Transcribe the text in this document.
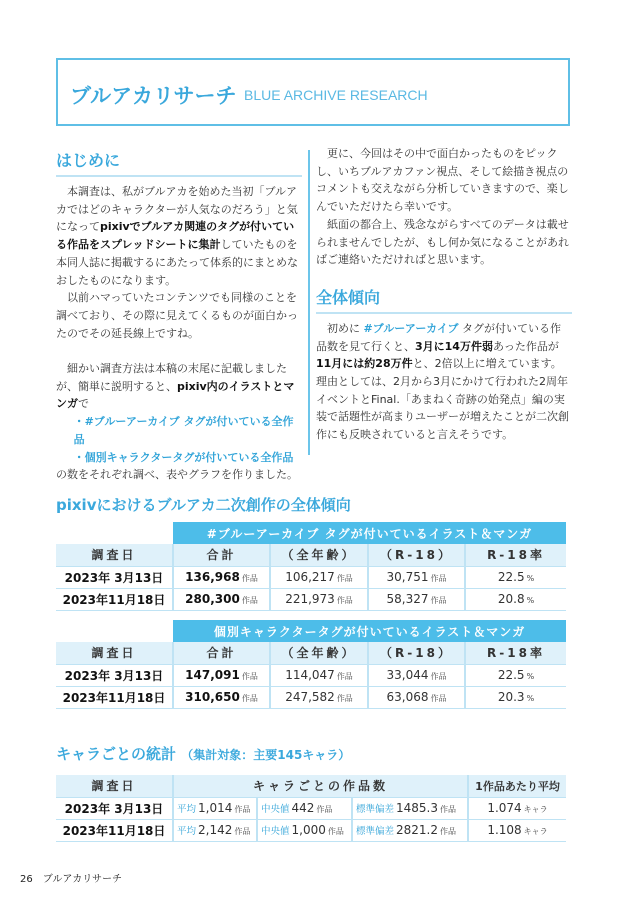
ブルアカリサーチ BLUE ARCHIVE RESEARCH
はじめに

本調査は、私がブルアカを始めた当初「ブルアカではどのキャラクターが人気なのだろう」と気になってpixivでブルアカ関連のタグが付いている作品をスプレッドシートに集計していたものを本同人誌に掲載するにあたって体系的にまとめなおしたものになります。

以前ハマっていたコンテンツでも同様のことを調べており、その際に見えてくるものが面白かったのでその延長線上ですね。

細かい調査方法は本稿の末尾に記載しましたが、簡単に説明すると、pixiv内のイラストとマンガで

・#ブルーアーカイブ タグが付いている全作品

・個別キャラクタータグが付いている全作品

の数をそれぞれ調べ、表やグラフを作りました。

更に、今回はその中で面白かったものをピックし、いちブルアカファン視点、そして絵描き視点のコメントも交えながら分析していきますので、楽しんでいただけたら幸いです。

紙面の都合上、残念ながらすべてのデータは載せられませんでしたが、もし何か気になることがあればご連絡いただければと思います。

全体傾向

初めに #ブルーアーカイブ タグが付いている作品数を見て行くと、3月に14万件弱あった作品が11月には約28万件と、2倍以上に増えています。理由としては、2月から3月にかけて行われた2周年イベントとFinal.「あまねく奇跡の始発点」編の実装で話題性が高まりユーザーが増えたことが二次創作にも反映されていると言えそうです。

pixivにおけるブルアカ二次創作の全体傾向
	#ブルーアーカイブ タグが付いているイラスト＆マンガ			
調査日	合計	（全年齢）	（R-18）	R-18率
2023年 3月13日	136,968 作品	106,217 作品	30,751 作品	22.5 %
2023年11月18日	280,300 作品	221,973 作品	58,327 作品	20.8 %
	個別キャラクタータグが付いているイラスト＆マンガ			
調査日	合計	（全年齢）	（R-18）	R-18率
2023年 3月13日	147,091 作品	114,047 作品	33,044 作品	22.5 %
2023年11月18日	310,650 作品	247,582 作品	63,068 作品	20.3 %
キャラごとの統計 （集計対象：主要145キャラ）
調査日	キャラごとの作品数			1作品あたり平均
2023年 3月13日	平均 1,014 作品	中央値 442 作品	標準偏差 1485.3 作品	1.074 キャラ
2023年11月18日	平均 2,142 作品	中央値 1,000 作品	標準偏差 2821.2 作品	1.108 キャラ
26 ブルアカリサーチ
